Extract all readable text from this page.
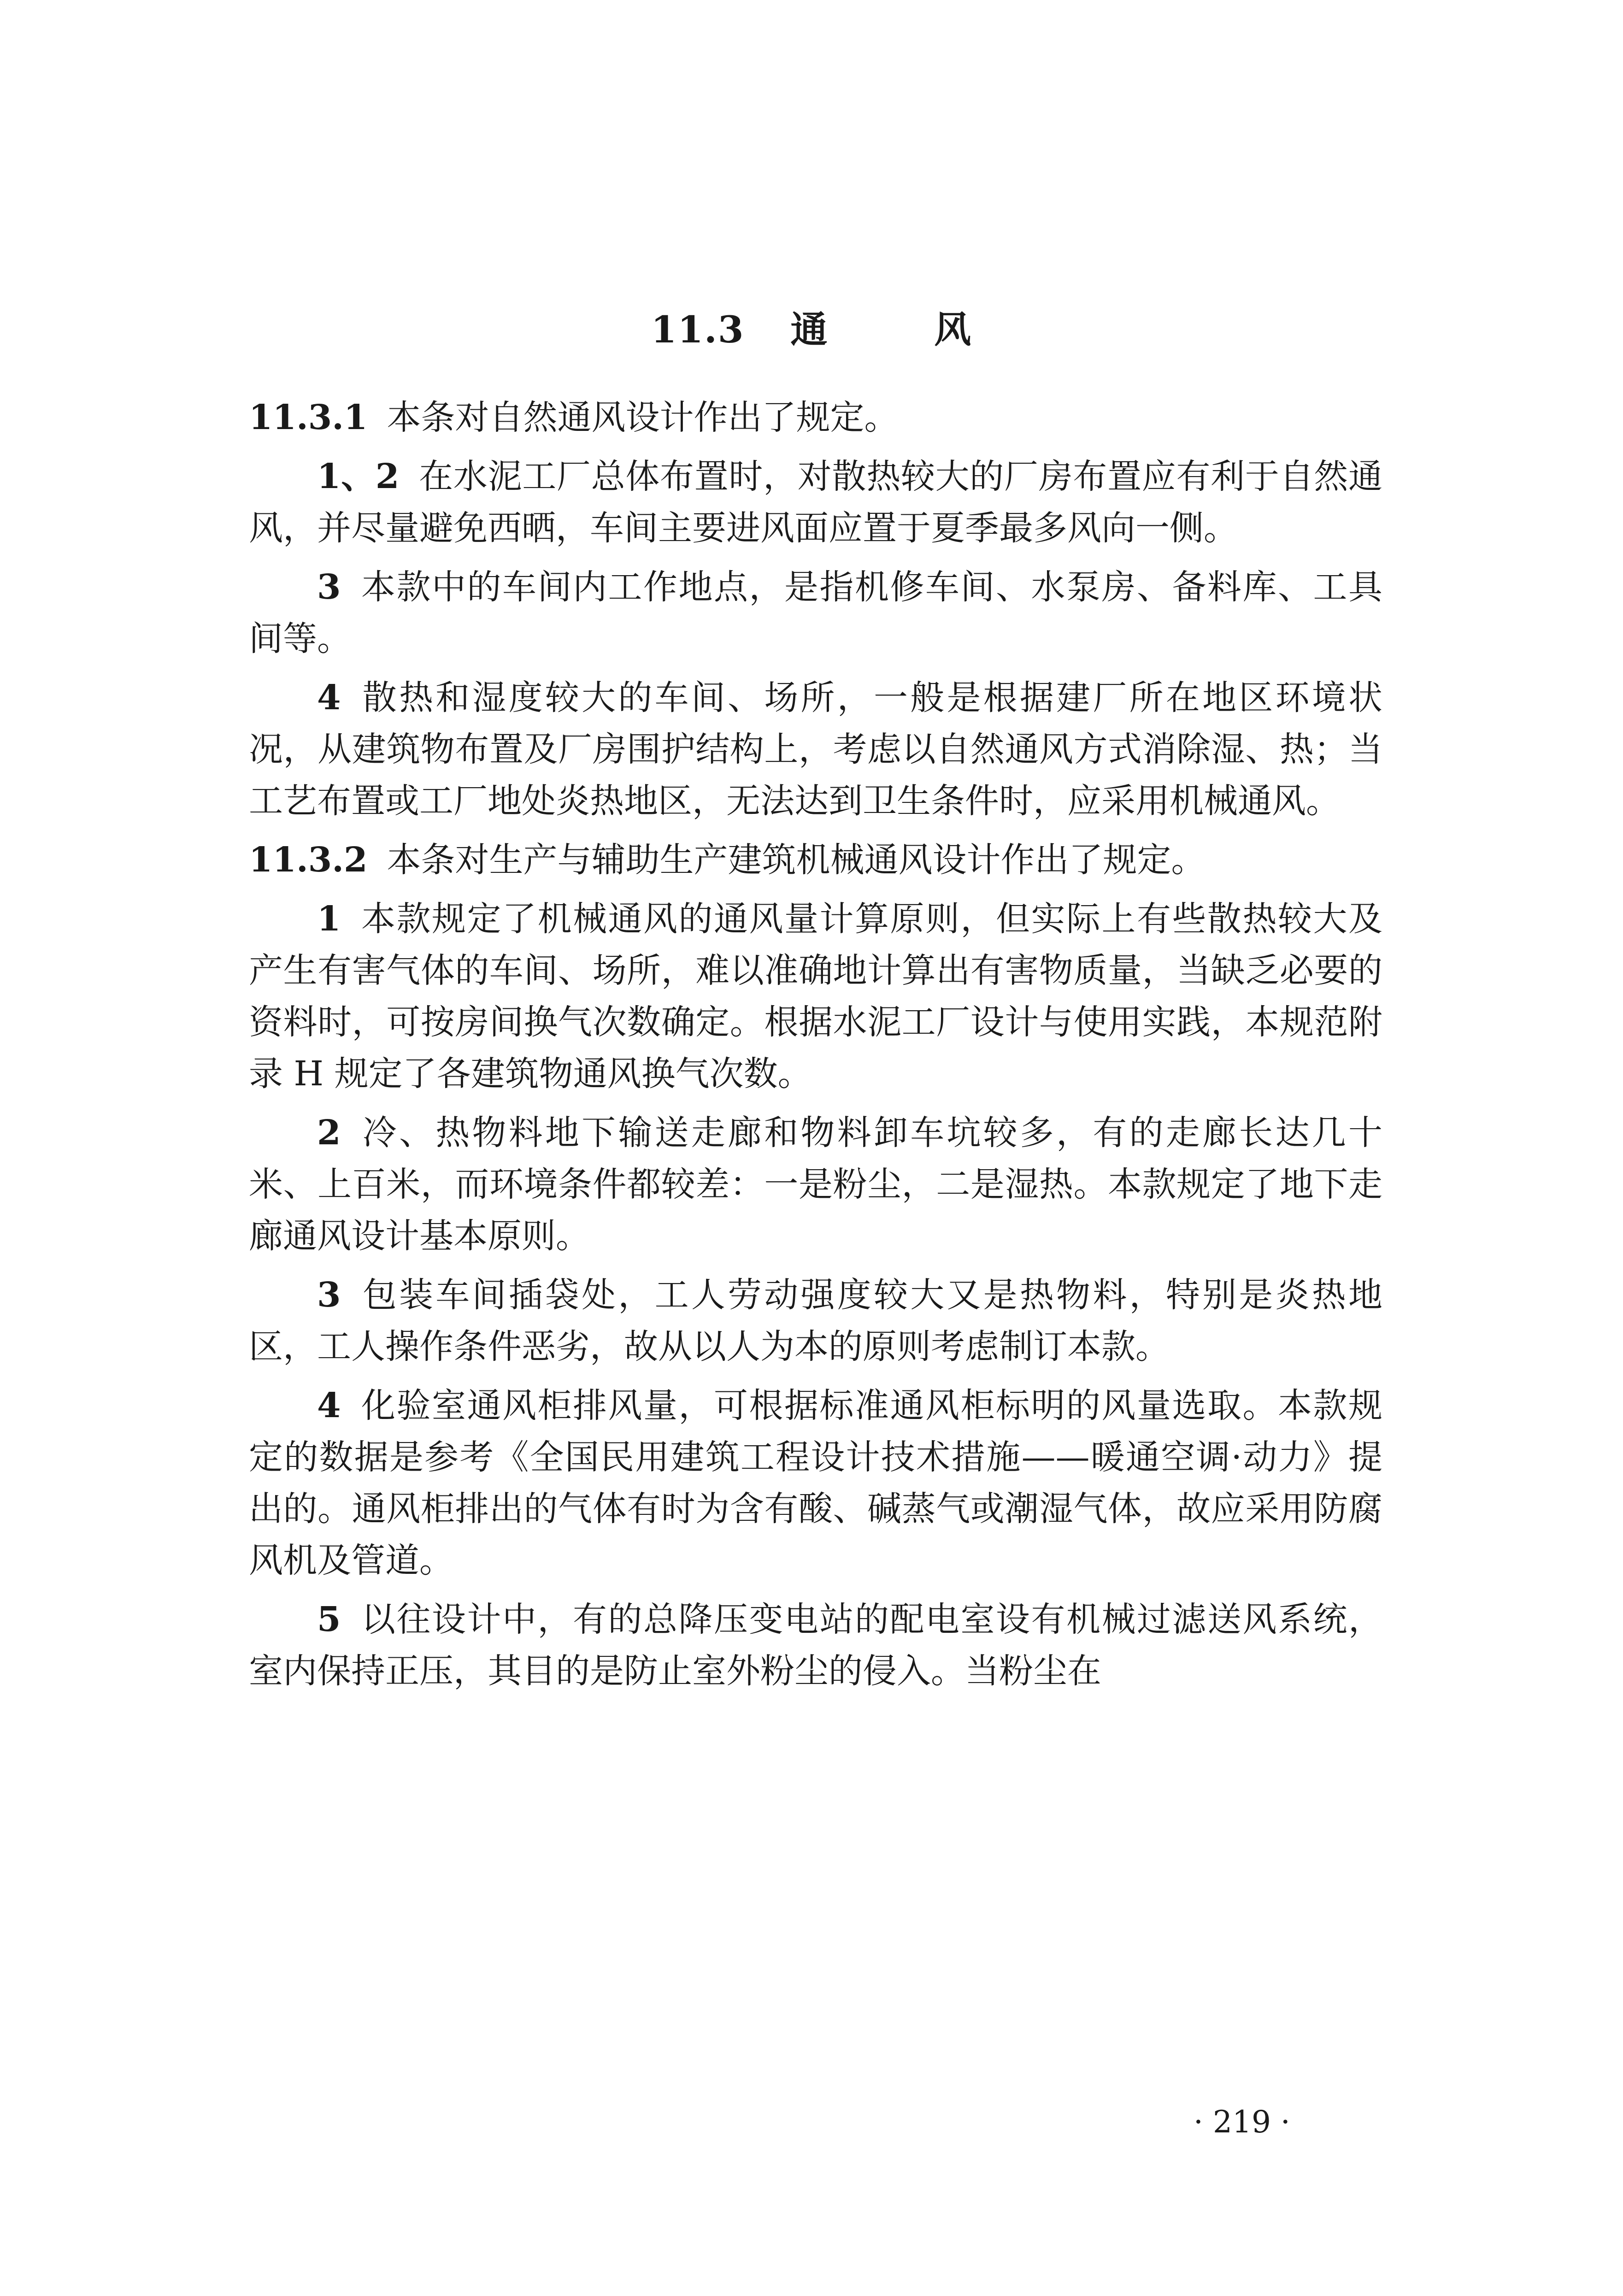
11.3 通	风

11.3.1 本条对自然通风设计作出了规定。

1、2 在水泥工厂总体布置时，对散热较大的厂房布置应有利于自然通风，并尽量避免西晒，车间主要进风面应置于夏季最多风向一侧。

3 本款中的车间内工作地点，是指机修车间、水泵房、备料库、工具间等。

4 散热和湿度较大的车间、场所，一般是根据建厂所在地区环境状况，从建筑物布置及厂房围护结构上，考虑以自然通风方式消除湿、热；当工艺布置或工厂地处炎热地区，无法达到卫生条件时，应采用机械通风。

11.3.2 本条对生产与辅助生产建筑机械通风设计作出了规定。

1 本款规定了机械通风的通风量计算原则，但实际上有些散热较大及产生有害气体的车间、场所，难以准确地计算出有害物质量，当缺乏必要的资料时，可按房间换气次数确定。根据水泥工厂设计与使用实践，本规范附录 H 规定了各建筑物通风换气次数。

2 冷、热物料地下输送走廊和物料卸车坑较多，有的走廊长达几十米、上百米，而环境条件都较差：一是粉尘，二是湿热。本款规定了地下走廊通风设计基本原则。

3 包装车间插袋处，工人劳动强度较大又是热物料，特别是炎热地区，工人操作条件恶劣，故从以人为本的原则考虑制订本款。

4 化验室通风柜排风量，可根据标准通风柜标明的风量选取。本款规定的数据是参考《全国民用建筑工程设计技术措施——暖通空调·动力》提出的。通风柜排出的气体有时为含有酸、碱蒸气或潮湿气体，故应采用防腐风机及管道。

5 以往设计中，有的总降压变电站的配电室设有机械过滤送风系统，室内保持正压，其目的是防止室外粉尘的侵入。当粉尘在

· 219 ·
